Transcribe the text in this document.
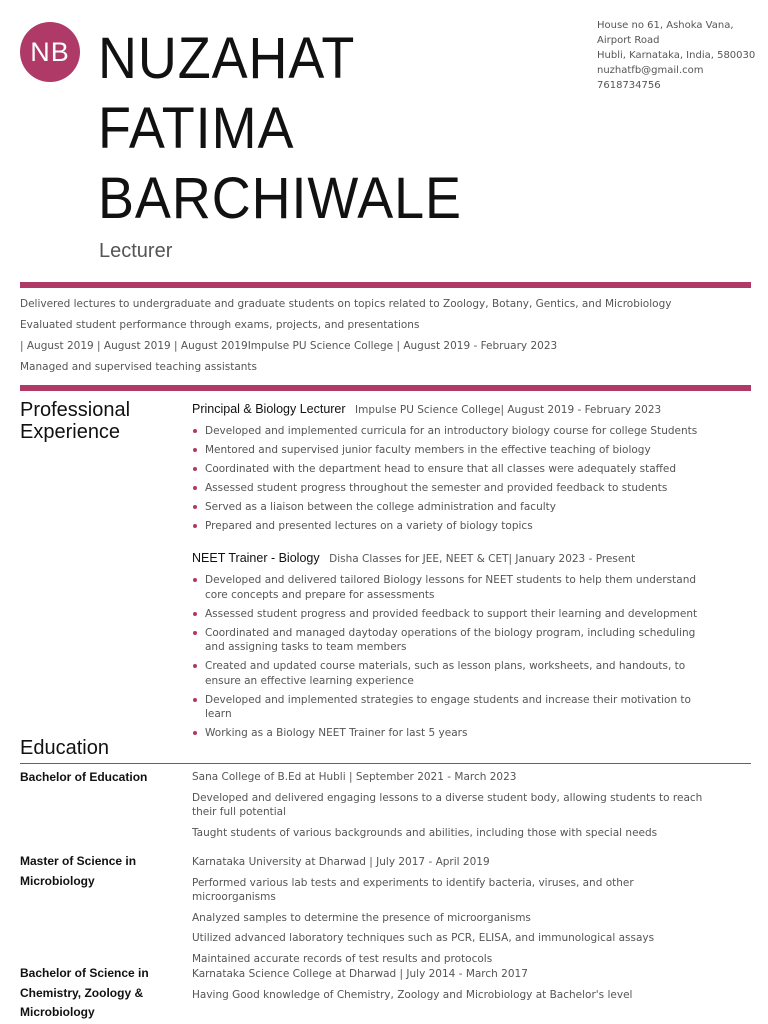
NB NUZAHAT
FATIMA
BARCHIWALE
Lecturer
House no 61, Ashoka Vana,
Airport Road
Hubli, Karnataka, India, 580030
nuzhatfb@gmail.com
7618734756
Delivered lectures to undergraduate and graduate students on topics related to Zoology, Botany, Gentics, and Microbiology
Evaluated student performance through exams, projects, and presentations
| August 2019 | August 2019 | August 2019Impulse PU Science College | August 2019 - February 2023
Managed and supervised teaching assistants
Professional
Experience
Principal & Biology Lecturer Impulse PU Science College| August 2019 - February 2023
Developed and implemented curricula for an introductory biology course for college Students
Mentored and supervised junior faculty members in the effective teaching of biology
Coordinated with the department head to ensure that all classes were adequately staffed
Assessed student progress throughout the semester and provided feedback to students
Served as a liaison between the college administration and faculty
Prepared and presented lectures on a variety of biology topics
NEET Trainer - Biology Disha Classes for JEE, NEET & CET| January 2023 - Present
Developed and delivered tailored Biology lessons for NEET students to help them understand core concepts and prepare for assessments
Assessed student progress and provided feedback to support their learning and development
Coordinated and managed daytoday operations of the biology program, including scheduling and assigning tasks to team members
Created and updated course materials, such as lesson plans, worksheets, and handouts, to ensure an effective learning experience
Developed and implemented strategies to engage students and increase their motivation to learn
Working as a Biology NEET Trainer for last 5 years
Education
Bachelor of Education	Sana College of B.Ed at Hubli | September 2021 - March 2023
Developed and delivered engaging lessons to a diverse student body, allowing students to reach their full potential
Taught students of various backgrounds and abilities, including those with special needs
Master of Science in Microbiology
Karnataka University at Dharwad | July 2017 - April 2019
Performed various lab tests and experiments to identify bacteria, viruses, and other microorganisms
Analyzed samples to determine the presence of microorganisms
Utilized advanced laboratory techniques such as PCR, ELISA, and immunological assays
Maintained accurate records of test results and protocols
Bachelor of Science in Chemistry, Zoology & Microbiology
Karnataka Science College at Dharwad | July 2014 - March 2017
Having Good knowledge of Chemistry, Zoology and Microbiology at Bachelor's level
